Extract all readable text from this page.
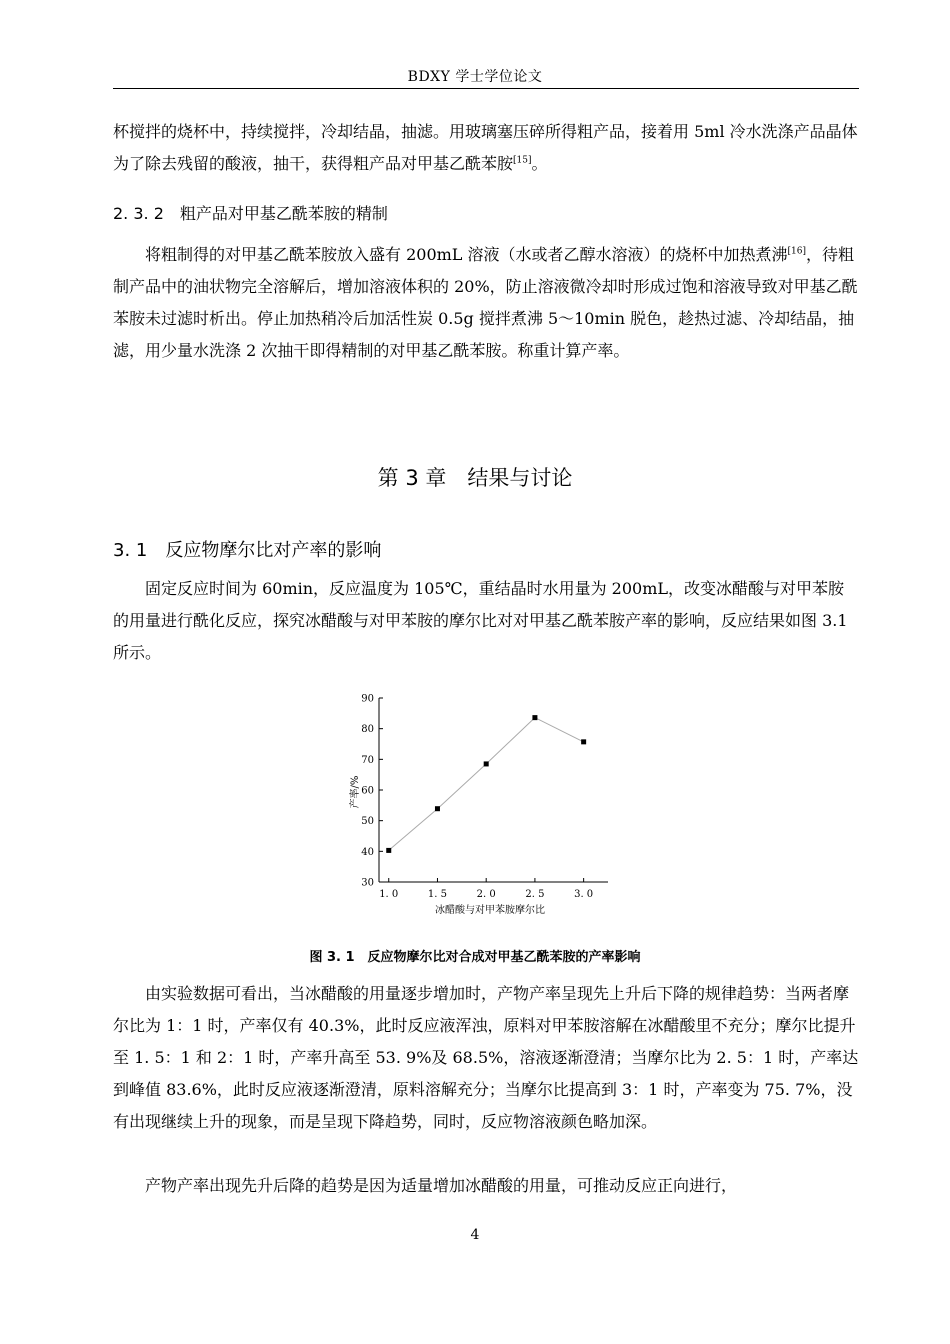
BDXY 学士学位论文

杯搅拌的烧杯中，持续搅拌，冷却结晶，抽滤。用玻璃塞压碎所得粗产品，接着用 5ml 冷水洗涤产品晶体为了除去残留的酸液，抽干，获得粗产品对甲基乙酰苯胺[15]。

2. 3. 2　粗产品对甲基乙酰苯胺的精制

将粗制得的对甲基乙酰苯胺放入盛有 200mL 溶液（水或者乙醇水溶液）的烧杯中加热煮沸[16]，待粗制产品中的油状物完全溶解后，增加溶液体积的 20%，防止溶液微冷却时形成过饱和溶液导致对甲基乙酰苯胺未过滤时析出。停止加热稍冷后加活性炭 0.5g 搅拌煮沸 5～10min 脱色，趁热过滤、冷却结晶，抽滤，用少量水洗涤 2 次抽干即得精制的对甲基乙酰苯胺。称重计算产率。

第 3 章　结果与讨论
3. 1　反应物摩尔比对产率的影响

固定反应时间为 60min，反应温度为 105℃，重结晶时水用量为 200mL，改变冰醋酸与对甲苯胺的用量进行酰化反应，探究冰醋酸与对甲苯胺的摩尔比对对甲基乙酰苯胺产率的影响，反应结果如图 3.1 所示。

30
40
50
60
70
80
90
1. 0	1. 5	2. 0	2. 5	3. 0
冰醋酸与对甲苯胺摩尔比
产率/%

图 3. 1　反应物摩尔比对合成对甲基乙酰苯胺的产率影响

由实验数据可看出，当冰醋酸的用量逐步增加时，产物产率呈现先上升后下降的规律趋势：当两者摩尔比为 1：1 时，产率仅有 40.3%，此时反应液浑浊，原料对甲苯胺溶解在冰醋酸里不充分；摩尔比提升至 1. 5：1 和 2：1 时，产率升高至 53. 9%及 68.5%，溶液逐渐澄清；当摩尔比为 2. 5：1 时，产率达到峰值 83.6%，此时反应液逐渐澄清，原料溶解充分；当摩尔比提高到 3：1 时，产率变为 75. 7%，没有出现继续上升的现象，而是呈现下降趋势，同时，反应物溶液颜色略加深。

产物产率出现先升后降的趋势是因为适量增加冰醋酸的用量，可推动反应正向进行，

4
